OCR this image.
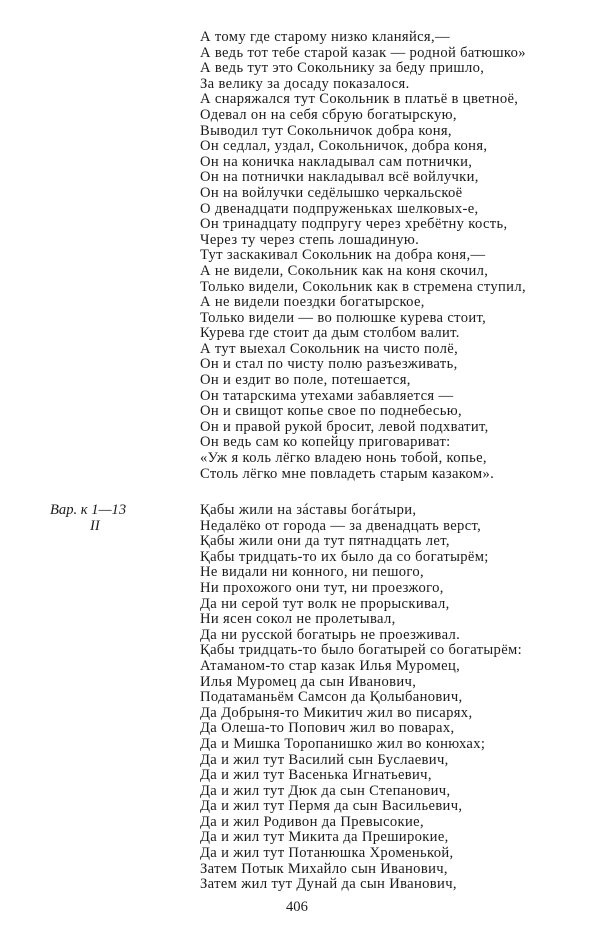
А тому где старому низко кланяйся,—
А ведь тот тебе старой казак — родной батюшко»
А ведь тут это Сокольнику за беду пришло,
За велику за досаду показалося.
А снаряжался тут Сокольник в платьё в цветноё,
Одевал он на себя сбрую богатырскую,
Выводил тут Сокольничок добра коня,
Он седлал, уздал, Сокольничок, добра коня,
Он на коничка накладывал сам потнички,
Он на потнички накладывал всё войлучки,
Он на войлучки седёлышко черкальскоё
О двенадцати подпруженьках шелковых-е,
Он тринадцату подпругу через хребётну кость,
Через ту через степь лошадиную.
Тут заскакивал Сокольник на добра коня,—
А не видели, Сокольник как на коня скочил,
Только видели, Сокольник как в стремена ступил,
А не видели поездки богатырское,
Только видели — во полюшке курева стоит,
Курева где стоит да дым столбом валит.
А тут выехал Сокольник на чисто полё,
Он и стал по чисту полю разъезживать,
Он и ездит во поле, потешается,
Он татарскима утехами забавляется —
Он и свищот копье свое по поднебесью,
Он и правой рукой бросит, левой подхватит,
Он ведь сам ко копейцу приговариват:
«Уж я коль лёгко владею нонь тобой, копье,
Столь лёгко мне повладеть старым казаком».
Вар. к 1—13
II
Қабы жили на зáставы богáтыри,
Недалёко от города — за двенадцать верст,
Қабы жили они да тут пятнадцать лет,
Қабы тридцать-то их было да со богатырём;
Не видали ни конного, ни пешого,
Ни прохожого они тут, ни проезжого,
Да ни серой тут волк не прорыскивал,
Ни ясен сокол не пролетывал,
Да ни русской богатырь не проезживал.
Қабы тридцать-то было богатырей со богатырём:
Атаманом-то стар казак Илья Муромец,
Илья Муромец да сын Иванович,
Податаманьём Самсон да Қолыбанович,
Да Добрыня-то Микитич жил во писарях,
Да Олеша-то Попович жил во поварах,
Да и Мишка Торопанишко жил во конюхах;
Да и жил тут Василий сын Буслаевич,
Да и жил тут Васенька Игнатьевич,
Да и жил тут Дюк да сын Степанович,
Да и жил тут Пермя да сын Васильевич,
Да и жил Родивон да Превысокие,
Да и жил тут Микита да Преширокие,
Да и жил тут Потанюшка Хроменькой,
Затем Потык Михайло сын Иванович,
Затем жил тут Дунай да сын Иванович,
406
